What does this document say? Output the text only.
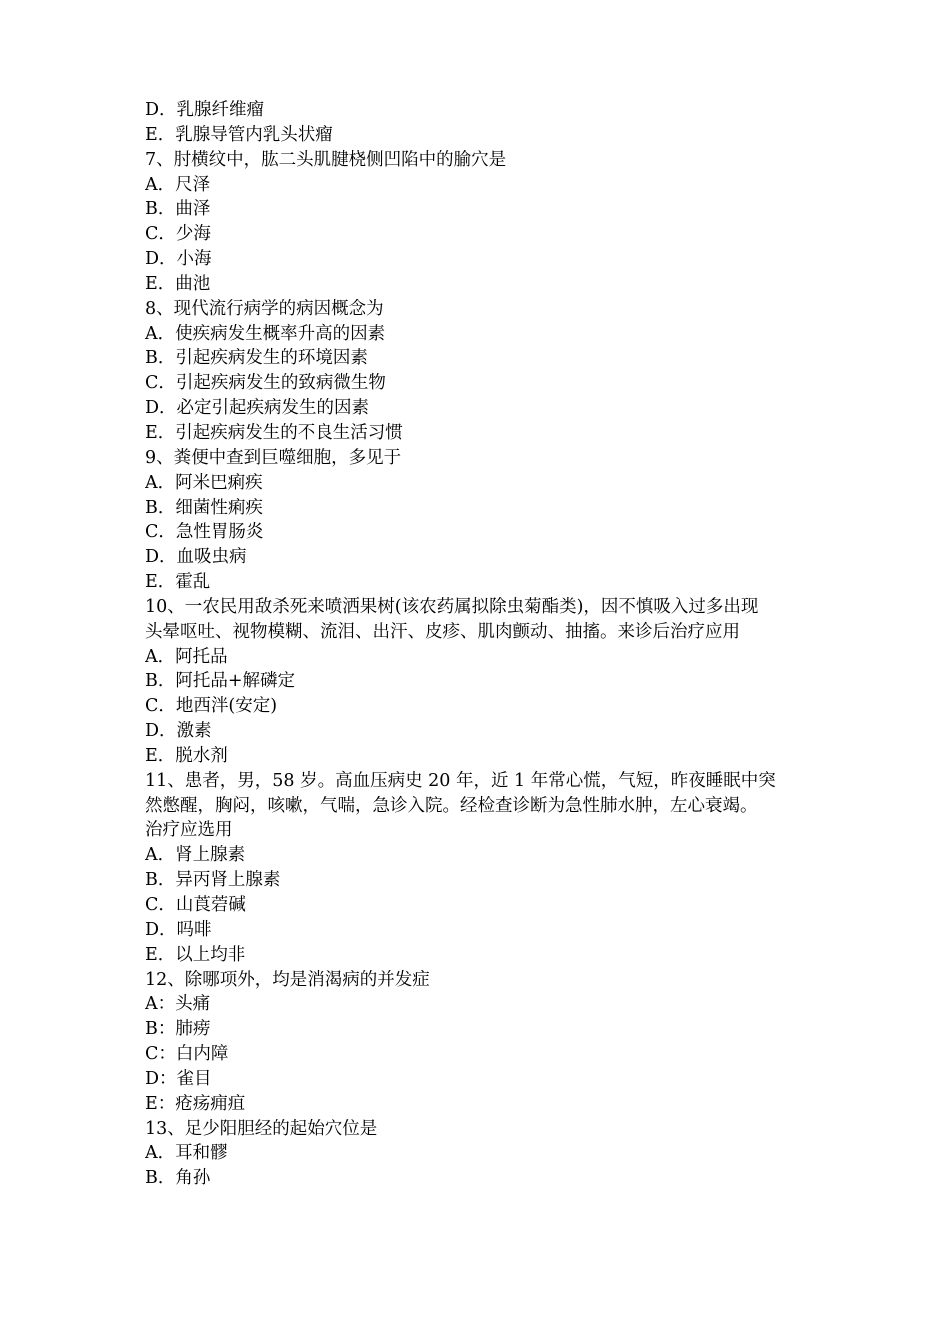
D．乳腺纤维瘤
E．乳腺导管内乳头状瘤
7、肘横纹中，肱二头肌腱桡侧凹陷中的腧穴是
A．尺泽
B．曲泽
C．少海
D．小海
E．曲池
8、现代流行病学的病因概念为
A．使疾病发生概率升高的因素
B．引起疾病发生的环境因素
C．引起疾病发生的致病微生物
D．必定引起疾病发生的因素
E．引起疾病发生的不良生活习惯
9、粪便中查到巨噬细胞，多见于
A．阿米巴痢疾
B．细菌性痢疾
C．急性胃肠炎
D．血吸虫病
E．霍乱
10、一农民用敌杀死来喷洒果树(该农药属拟除虫菊酯类)，因不慎吸入过多出现
头晕呕吐、视物模糊、流泪、出汗、皮疹、肌肉颤动、抽搐。来诊后治疗应用
A．阿托品
B．阿托品+解磷定
C．地西泮(安定)
D．激素
E．脱水剂
11、患者，男，58 岁。高血压病史 20 年，近 1 年常心慌，气短，昨夜睡眠中突
然憋醒，胸闷，咳嗽，气喘，急诊入院。经检查诊断为急性肺水肿，左心衰竭。
治疗应选用
A．肾上腺素
B．异丙肾上腺素
C．山莨菪碱
D．吗啡
E．以上均非
12、除哪项外，均是消渴病的并发症
A：头痛
B：肺痨
C：白内障
D：雀目
E：疮疡痈疽
13、足少阳胆经的起始穴位是
A．耳和髎
B．角孙
